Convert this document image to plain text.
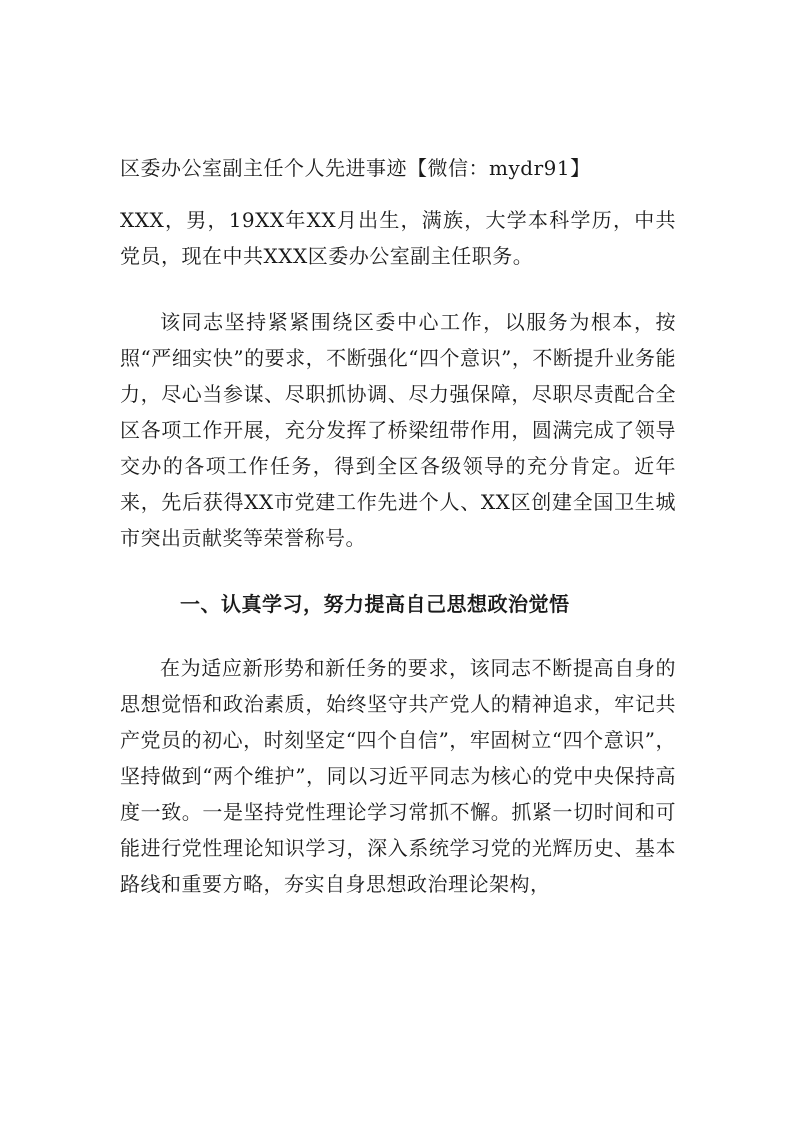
区委办公室副主任个人先进事迹【微信：mydr91】

XXX，男，19XX年XX月出生，满族，大学本科学历，中共党员，现在中共XXX区委办公室副主任职务。

该同志坚持紧紧围绕区委中心工作，以服务为根本，按照“严细实快”的要求，不断强化“四个意识”，不断提升业务能力，尽心当参谋、尽职抓协调、尽力强保障，尽职尽责配合全区各项工作开展，充分发挥了桥梁纽带作用，圆满完成了领导交办的各项工作任务，得到全区各级领导的充分肯定。近年来，先后获得XX市党建工作先进个人、XX区创建全国卫生城市突出贡献奖等荣誉称号。

一、认真学习，努力提高自己思想政治觉悟

在为适应新形势和新任务的要求，该同志不断提高自身的思想觉悟和政治素质，始终坚守共产党人的精神追求，牢记共产党员的初心，时刻坚定“四个自信”，牢固树立“四个意识”，坚持做到“两个维护”，同以习近平同志为核心的党中央保持高度一致。一是坚持党性理论学习常抓不懈。抓紧一切时间和可能进行党性理论知识学习，深入系统学习党的光辉历史、基本路线和重要方略，夯实自身思想政治理论架构，
